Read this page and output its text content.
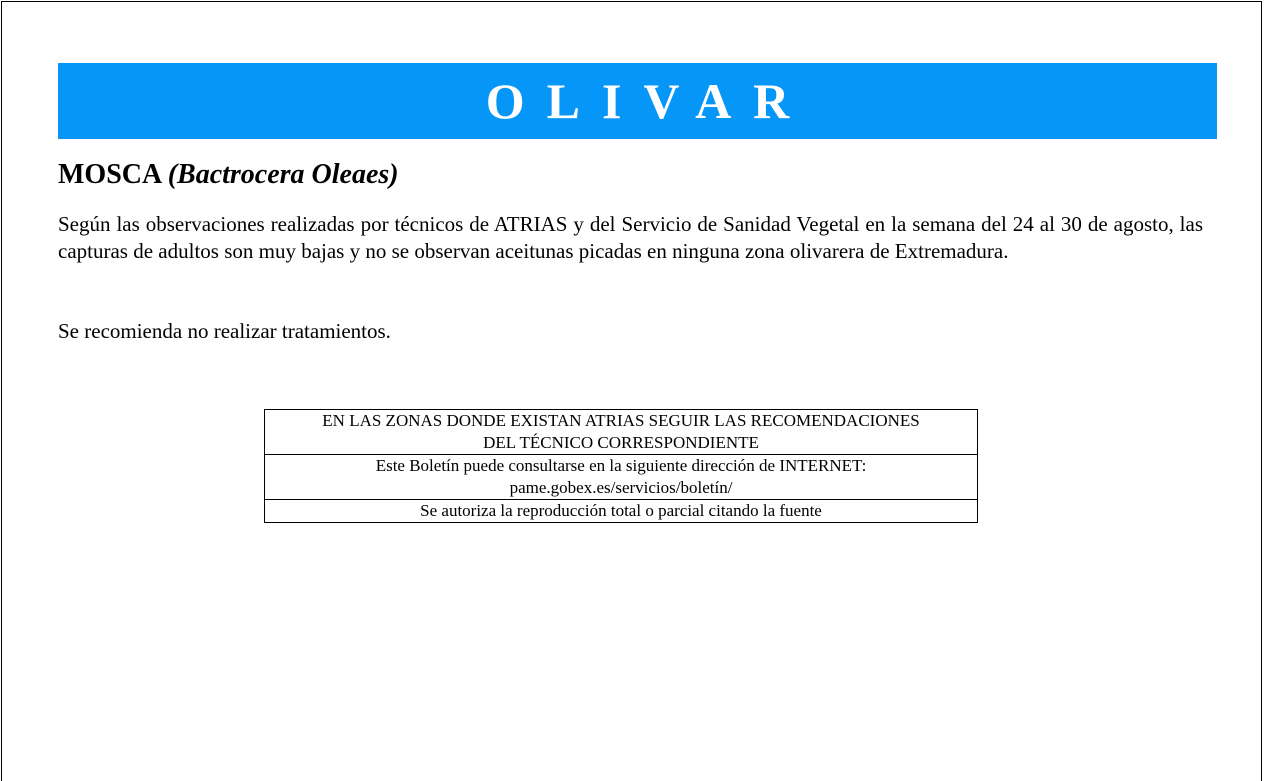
OLIVAR
MOSCA (Bactrocera Oleaes)

Según las observaciones realizadas por técnicos de ATRIAS y del Servicio de Sanidad Vegetal en la semana del 24 al 30 de agosto, las capturas de adultos son muy bajas y no se observan aceitunas picadas en ninguna zona olivarera de Extremadura.

Se recomienda no realizar tratamientos.

EN LAS ZONAS DONDE EXISTAN ATRIAS SEGUIR LAS RECOMENDACIONES
DEL TÉCNICO CORRESPONDIENTE

Este Boletín puede consultarse en la siguiente dirección de INTERNET:
pame.gobex.es/servicios/boletín/

Se autoriza la reproducción total o parcial citando la fuente
